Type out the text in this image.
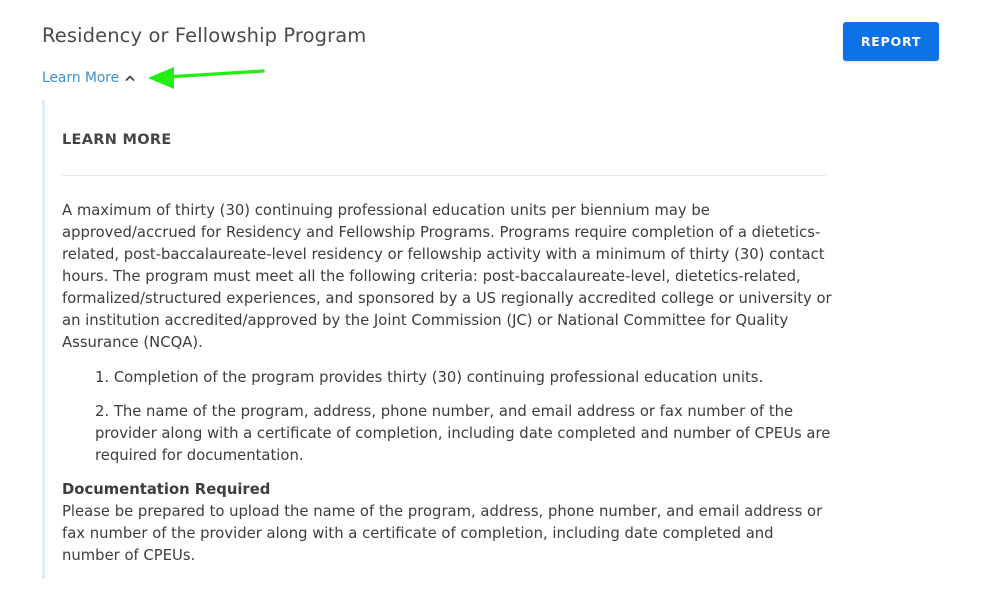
Residency or Fellowship Program	REPORT
Learn More
LEARN MORE

A maximum of thirty (30) continuing professional education units per biennium may be approved/accrued for Residency and Fellowship Programs. Programs require completion of a dietetics-related, post-baccalaureate-level residency or fellowship activity with a minimum of thirty (30) contact hours. The program must meet all the following criteria: post-baccalaureate-level, dietetics-related, formalized/structured experiences, and sponsored by a US regionally accredited college or university or an institution accredited/approved by the Joint Commission (JC) or National Committee for Quality Assurance (NCQA).

1. Completion of the program provides thirty (30) continuing professional education units.
2. The name of the program, address, phone number, and email address or fax number of the provider along with a certificate of completion, including date completed and number of CPEUs are required for documentation.
Documentation Required

Please be prepared to upload the name of the program, address, phone number, and email address or fax number of the provider along with a certificate of completion, including date completed and number of CPEUs.
